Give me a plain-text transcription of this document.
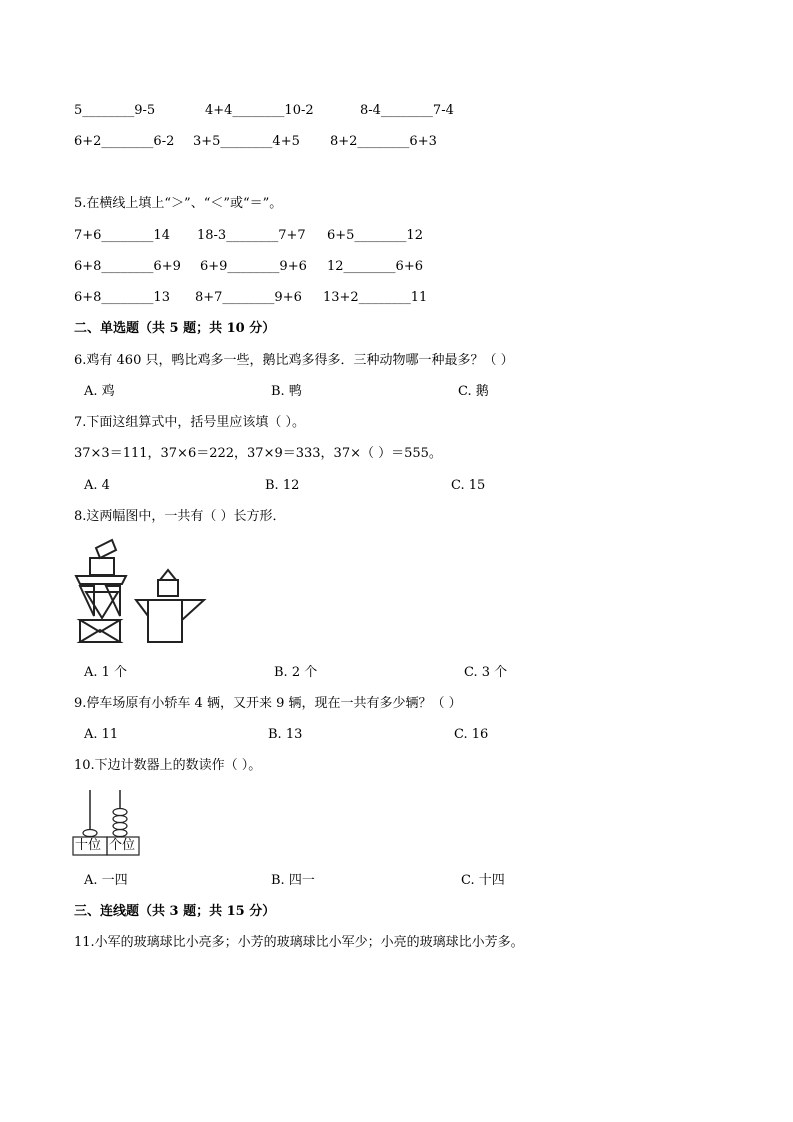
5________9-5	4+4________10-2	8-4________7-4
6+2________6-2 3+5________4+5 8+2________6+3
5.在横线上填上“＞”、“＜”或“＝”。
7+6________14 18-3________7+7 6+5________12
6+8________6+9 6+9________9+6 12________6+6
6+8________13 8+7________9+6 13+2________11
二、单选题（共 5 题；共 10 分）
6.鸡有 460 只，鸭比鸡多一些，鹅比鸡多得多．三种动物哪一种最多？（ ）
A. 鸡	B. 鸭	C. 鹅
7.下面这组算式中，括号里应该填（ ）。
37×3＝111，37×6＝222，37×9＝333，37×（ ）＝555。
A. 4	B. 12	C. 15
8.这两幅图中，一共有（ ）长方形．
A. 1 个	B. 2 个	C. 3 个
9.停车场原有小轿车 4 辆，又开来 9 辆，现在一共有多少辆？（ ）
A. 11	B. 13	C. 16
10.下边计数器上的数读作（ ）。
十位 个位
A. 一四	B. 四一	C. 十四
三、连线题（共 3 题；共 15 分）
11.小军的玻璃球比小亮多；小芳的玻璃球比小军少；小亮的玻璃球比小芳多。
